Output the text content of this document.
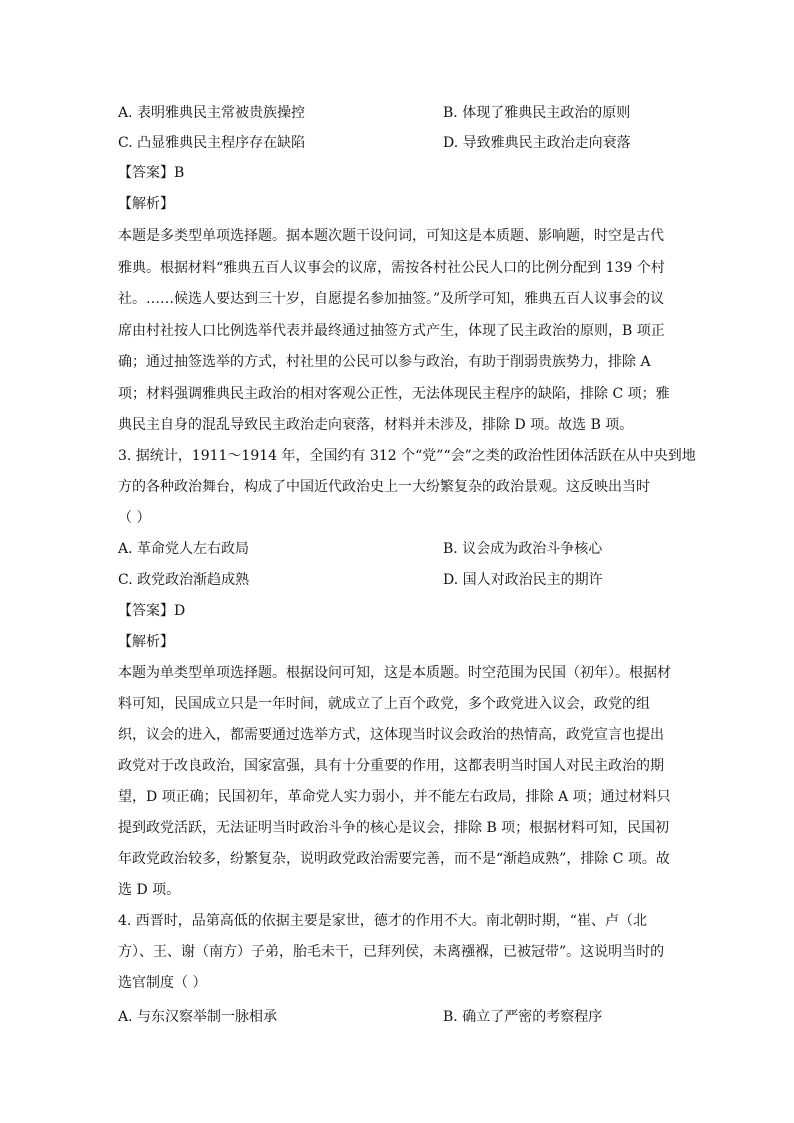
A. 表明雅典民主常被贵族操控	B. 体现了雅典民主政治的原则
C. 凸显雅典民主程序存在缺陷	D. 导致雅典民主政治走向衰落
【答案】B
【解析】
本题是多类型单项选择题。据本题次题干设问词，可知这是本质题、影响题，时空是古代
雅典。根据材料“雅典五百人议事会的议席，需按各村社公民人口的比例分配到 139 个村
社。……候选人要达到三十岁，自愿提名参加抽签。”及所学可知，雅典五百人议事会的议
席由村社按人口比例选举代表并最终通过抽签方式产生，体现了民主政治的原则，B 项正
确；通过抽签选举的方式，村社里的公民可以参与政治，有助于削弱贵族势力，排除 A
项；材料强调雅典民主政治的相对客观公正性，无法体现民主程序的缺陷，排除 C 项；雅
典民主自身的混乱导致民主政治走向衰落，材料并未涉及，排除 D 项。故选 B 项。
3. 据统计，1911～1914 年，全国约有 312 个“党”“会”之类的政治性团体活跃在从中央到地
方的各种政治舞台，构成了中国近代政治史上一大纷繁复杂的政治景观。这反映出当时
（ ）
A. 革命党人左右政局	B. 议会成为政治斗争核心
C. 政党政治渐趋成熟	D. 国人对政治民主的期许
【答案】D
【解析】
本题为单类型单项选择题。根据设问可知，这是本质题。时空范围为民国（初年）。根据材
料可知，民国成立只是一年时间，就成立了上百个政党，多个政党进入议会，政党的组
织，议会的进入，都需要通过选举方式，这体现当时议会政治的热情高，政党宣言也提出
政党对于改良政治，国家富强，具有十分重要的作用，这都表明当时国人对民主政治的期
望，D 项正确；民国初年，革命党人实力弱小，并不能左右政局，排除 A 项；通过材料只
提到政党活跃，无法证明当时政治斗争的核心是议会，排除 B 项；根据材料可知，民国初
年政党政治较多，纷繁复杂，说明政党政治需要完善，而不是“渐趋成熟”，排除 C 项。故
选 D 项。
4. 西晋时，品第高低的依据主要是家世，德才的作用不大。南北朝时期，“崔、卢（北
方）、王、谢（南方）子弟，胎毛未干，已拜列侯，未离襁褓，已被冠带”。这说明当时的
选官制度（ ）
A. 与东汉察举制一脉相承	B. 确立了严密的考察程序
